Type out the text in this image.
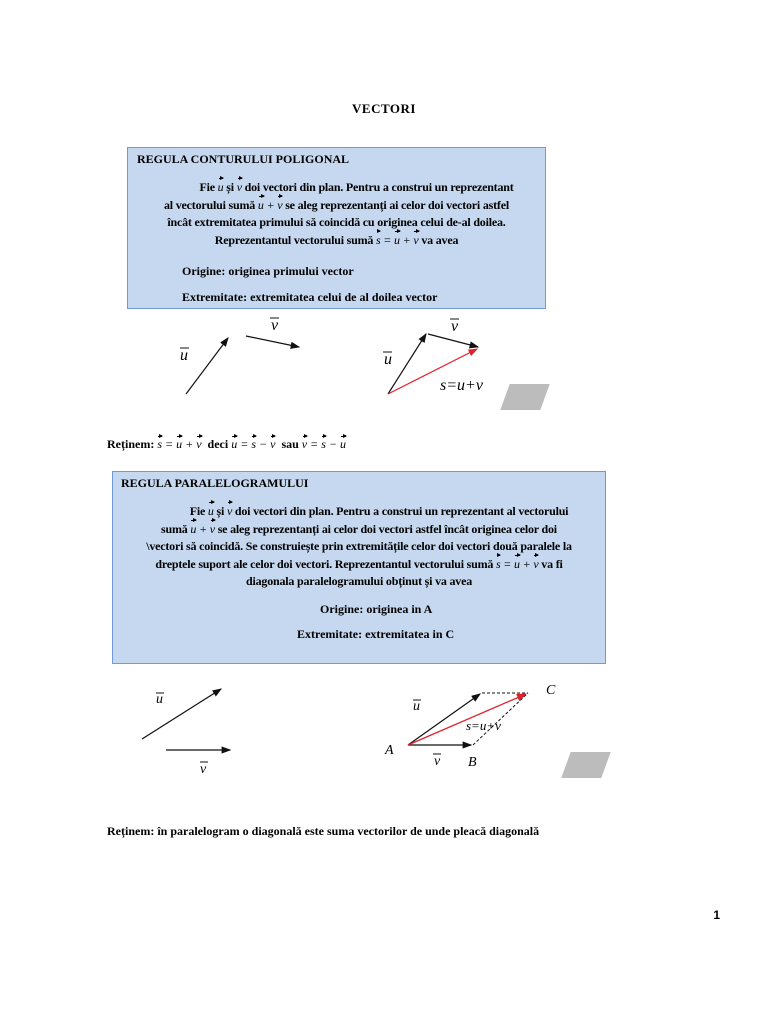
VECTORI
REGULA CONTURULUI POLIGONAL
Fie u și v doi vectori din plan. Pentru a construi un reprezentant
al vectorului sumă u + v se aleg reprezentanți ai celor doi vectori astfel
încât extremitatea primului să coincidă cu originea celui de-al doilea.
Reprezentantul vectorului sumă s = u + v va avea
Origine: originea primului vector
Extremitate: extremitatea celui de al doilea vector
u
v
u
v
s=u+v
Reținem: s = u + v deci u = s − v sau v = s − u
REGULA PARALELOGRAMULUI
Fie u și v doi vectori din plan. Pentru a construi un reprezentant al vectorului
sumă u + v se aleg reprezentanți ai celor doi vectori astfel încât originea celor doi
\vectori să coincidă. Se construiește prin extremitățile celor doi vectori două paralele la
dreptele suport ale celor doi vectori. Reprezentantul vectorului sumă s = u + v va fi
diagonala paralelogramului obținut și va avea
Origine: originea in A
Extremitate: extremitatea in C
u
v
u
v
s=u+v
A
B
C
Reținem: în paralelogram o diagonală este suma vectorilor de unde pleacă diagonală
1
